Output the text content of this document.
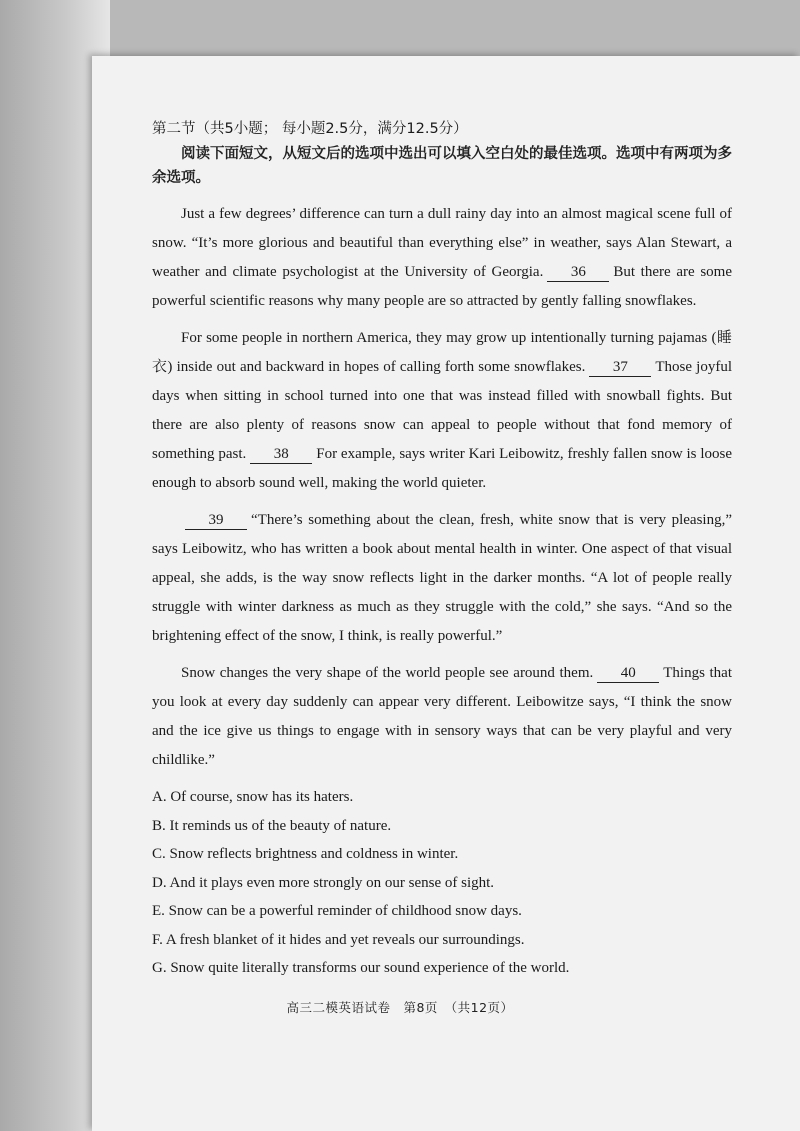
第二节（共5小题； 每小题2.5分，满分12.5分）

阅读下面短文，从短文后的选项中选出可以填入空白处的最佳选项。选项中有两项为多余选项。

Just a few degrees’ difference can turn a dull rainy day into an almost magical scene full of snow. “It’s more glorious and beautiful than everything else” in weather, says Alan Stewart, a weather and climate psychologist at the University of Georgia. 36 But there are some powerful scientific reasons why many people are so attracted by gently falling snowflakes.

For some people in northern America, they may grow up intentionally turning pajamas (睡衣) inside out and backward in hopes of calling forth some snowflakes. 37 Those joyful days when sitting in school turned into one that was instead filled with snowball fights. But there are also plenty of reasons snow can appeal to people without that fond memory of something past. 38 For example, says writer Kari Leibowitz, freshly fallen snow is loose enough to absorb sound well, making the world quieter.

39 “There’s something about the clean, fresh, white snow that is very pleasing,” says Leibowitz, who has written a book about mental health in winter. One aspect of that visual appeal, she adds, is the way snow reflects light in the darker months. “A lot of people really struggle with winter darkness as much as they struggle with the cold,” she says. “And so the brightening effect of the snow, I think, is really powerful.”

Snow changes the very shape of the world people see around them. 40 Things that you look at every day suddenly can appear very different. Leibowitze says, “I think the snow and the ice give us things to engage with in sensory ways that can be very playful and very childlike.”

A. Of course, snow has its haters.
B. It reminds us of the beauty of nature.
C. Snow reflects brightness and coldness in winter.
D. And it plays even more strongly on our sense of sight.
E. Snow can be a powerful reminder of childhood snow days.
F. A fresh blanket of it hides and yet reveals our surroundings.
G. Snow quite literally transforms our sound experience of the world.
高三二模英语试卷　第8页　（共12页）
